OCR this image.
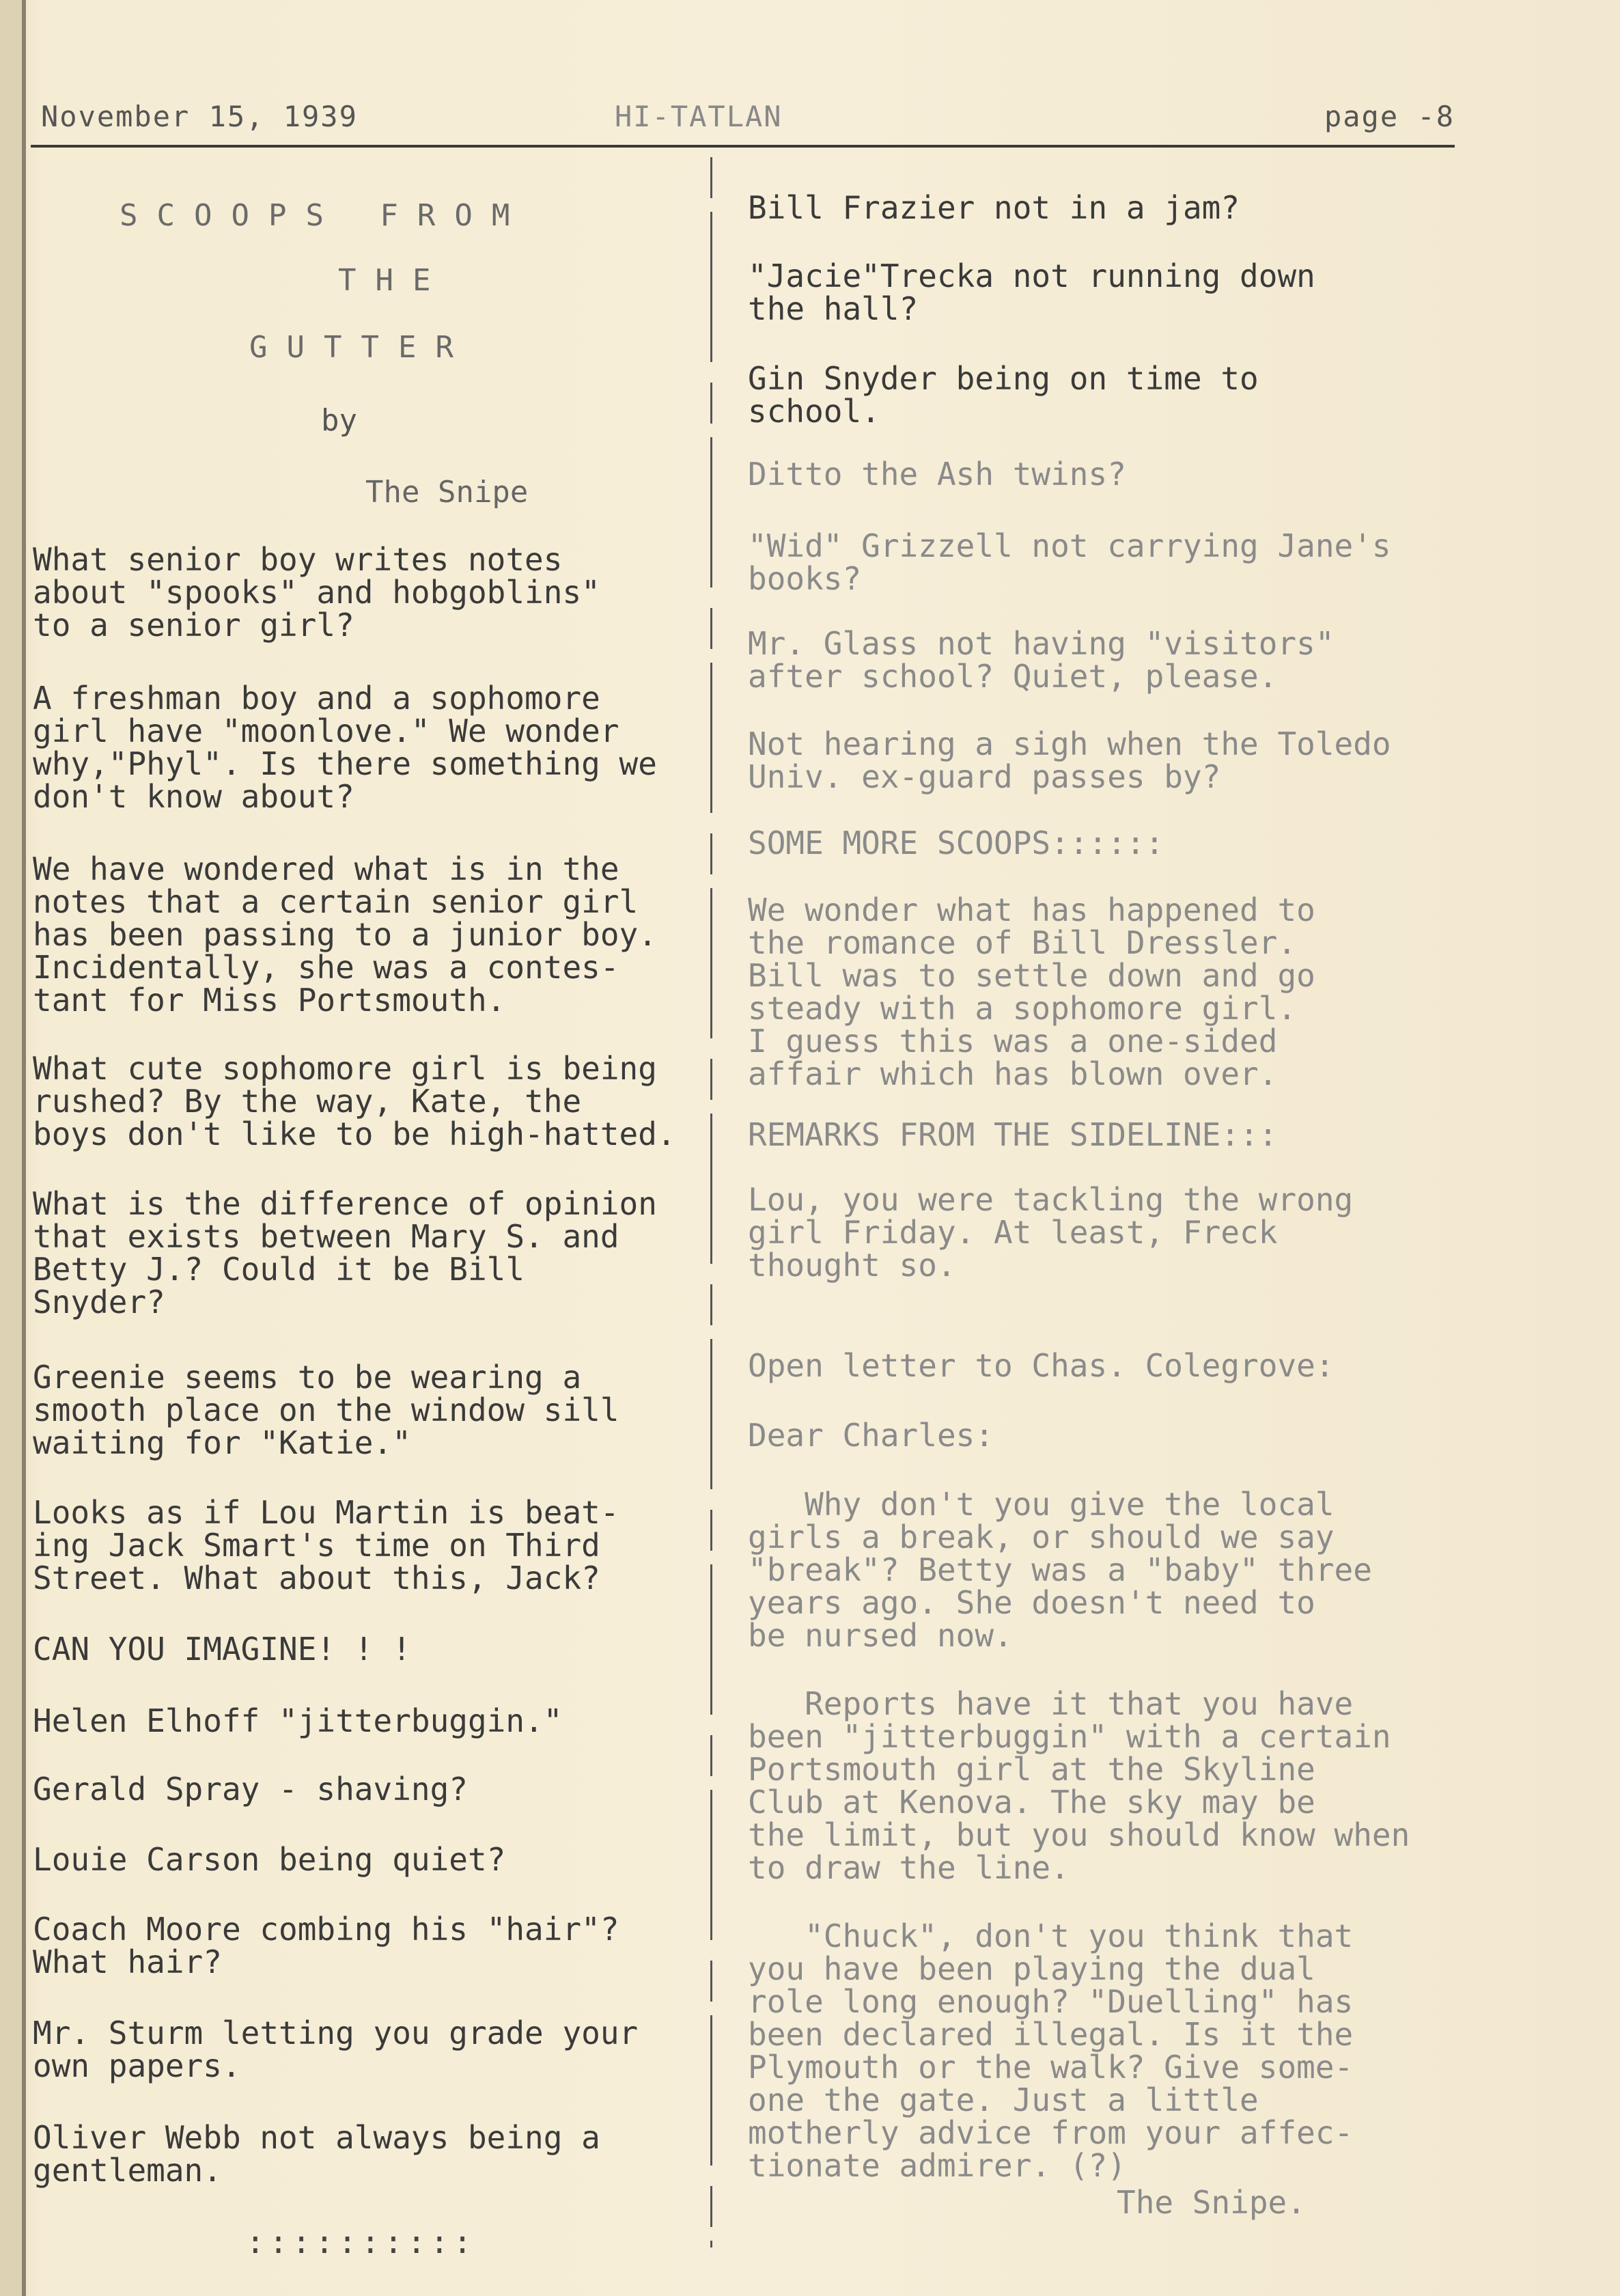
November 15, 1939	HI-TATLAN	page -8
SCOOPS FROM
THE
GUTTER
by
The Snipe
What senior boy writes notes
about "spooks" and hobgoblins"
to a senior girl?
A freshman boy and a sophomore
girl have "moonlove." We wonder
why,"Phyl". Is there something we
don't know about?
We have wondered what is in the
notes that a certain senior girl
has been passing to a junior boy.
Incidentally, she was a contes-
tant for Miss Portsmouth.
What cute sophomore girl is being
rushed? By the way, Kate, the
boys don't like to be high-hatted.
What is the difference of opinion
that exists between Mary S. and
Betty J.? Could it be Bill
Snyder?
Greenie seems to be wearing a
smooth place on the window sill
waiting for "Katie."
Looks as if Lou Martin is beat-
ing Jack Smart's time on Third
Street. What about this, Jack?
CAN YOU IMAGINE! ! !
Helen Elhoff "jitterbuggin."
Gerald Spray - shaving?
Louie Carson being quiet?
Coach Moore combing his "hair"?
What hair?
Mr. Sturm letting you grade your
own papers.
Oliver Webb not always being a
gentleman.
::::::::::
Bill Frazier not in a jam?
"Jacie"Trecka not running down
the hall?
Gin Snyder being on time to
school.
Ditto the Ash twins?
"Wid" Grizzell not carrying Jane's
books?
Mr. Glass not having "visitors"
after school? Quiet, please.
Not hearing a sigh when the Toledo
Univ. ex-guard passes by?
SOME MORE SCOOPS::::::
We wonder what has happened to
the romance of Bill Dressler.
Bill was to settle down and go
steady with a sophomore girl.
I guess this was a one-sided
affair which has blown over.
REMARKS FROM THE SIDELINE:::
Lou, you were tackling the wrong
girl Friday. At least, Freck
thought so.
Open letter to Chas. Colegrove:
Dear Charles:
Why don't you give the local
girls a break, or should we say
"break"? Betty was a "baby" three
years ago. She doesn't need to
be nursed now.
Reports have it that you have
been "jitterbuggin" with a certain
Portsmouth girl at the Skyline
Club at Kenova. The sky may be
the limit, but you should know when
to draw the line.
"Chuck", don't you think that
you have been playing the dual
role long enough? "Duelling" has
been declared illegal. Is it the
Plymouth or the walk? Give some-
one the gate. Just a little
motherly advice from your affec-
tionate admirer. (?)
The Snipe.
